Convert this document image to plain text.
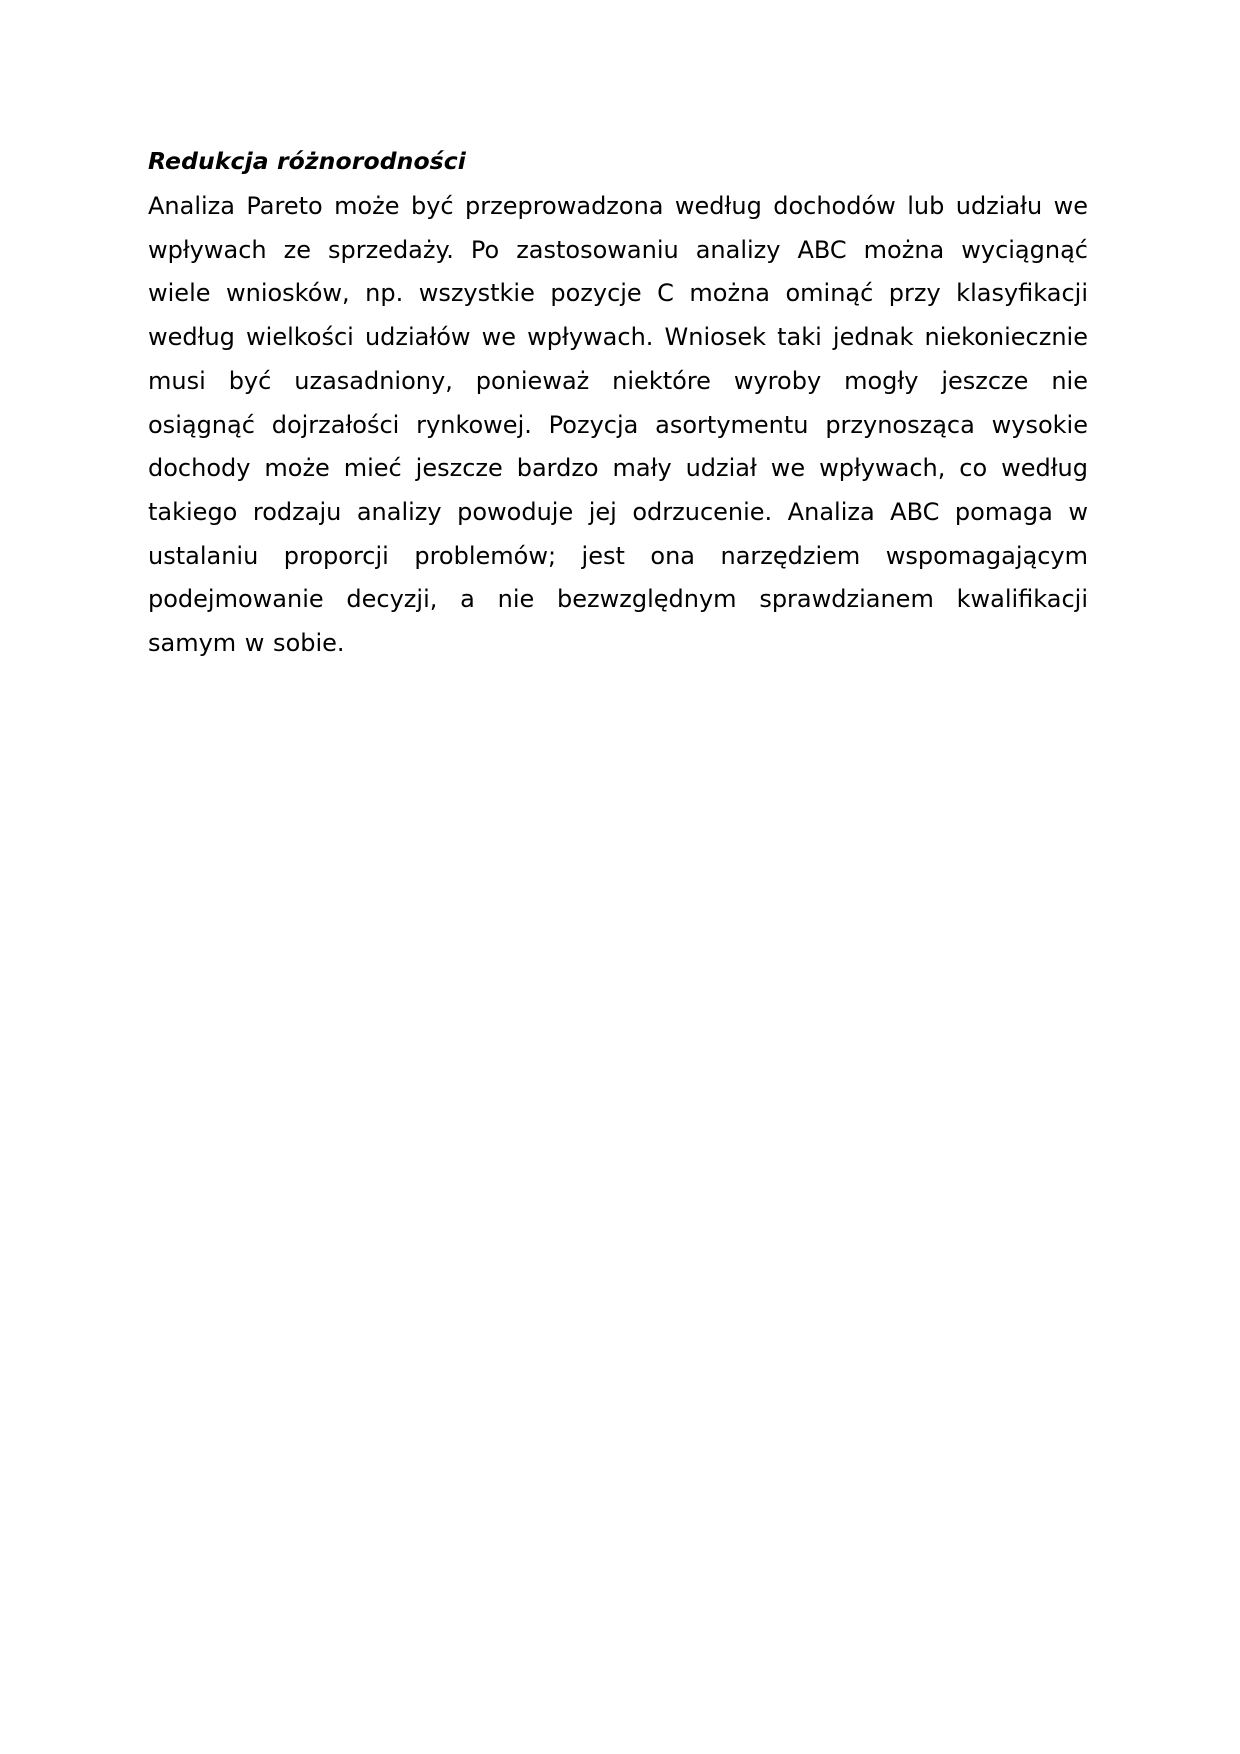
Redukcja różnorodności

Analiza Pareto może być przeprowadzona według dochodów lub udziału we wpływach ze sprzedaży. Po zastosowaniu analizy ABC można wyciągnąć wiele wniosków, np. wszystkie pozycje C można ominąć przy klasyfikacji według wielkości udziałów we wpływach. Wniosek taki jednak niekoniecznie musi być uzasadniony, ponieważ niektóre wyroby mogły jeszcze nie osiągnąć dojrzałości rynkowej. Pozycja asortymentu przynosząca wysokie dochody może mieć jeszcze bardzo mały udział we wpływach, co według takiego rodzaju analizy powoduje jej odrzucenie. Analiza ABC pomaga w ustalaniu proporcji problemów; jest ona narzędziem wspomagającym podejmowanie decyzji, a nie bezwzględnym sprawdzianem kwalifikacji samym w sobie.
